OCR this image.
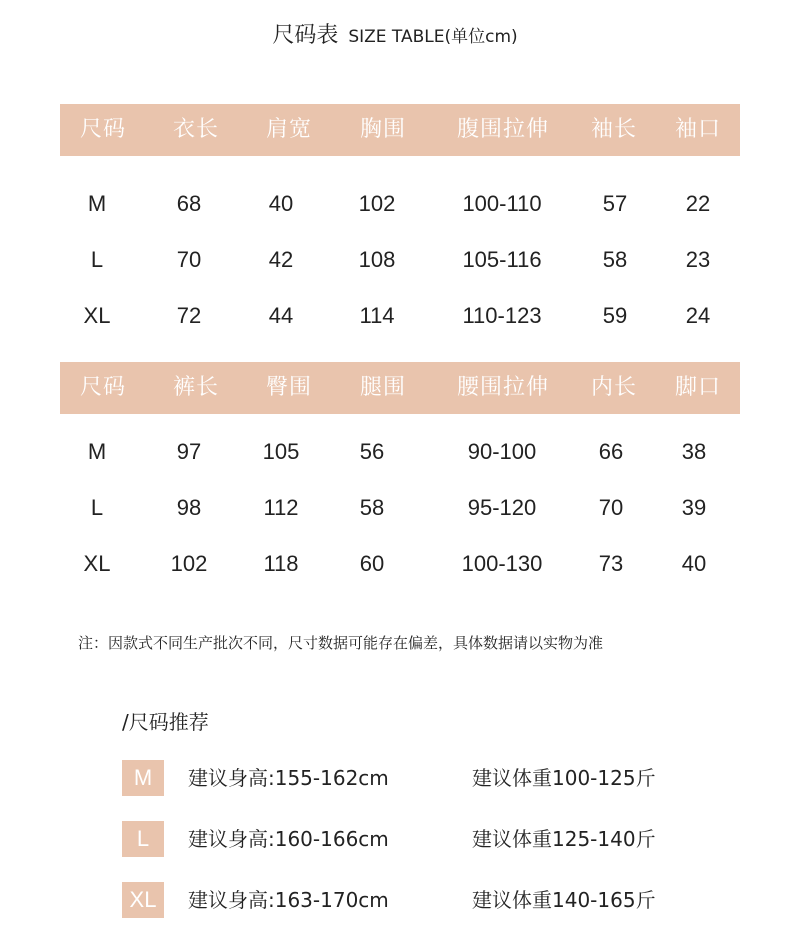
尺码表 SIZE TABLE(单位cm)
尺码 衣长 肩宽 胸围 腹围拉伸 袖长 袖口
M	68	40	102	100-110	57	22
L	70	42	108	105-116	58	23
XL	72	44	114	110-123	59	24
尺码 裤长 臀围 腿围 腰围拉伸 内长 脚口
M	97	105	56	90-100	66	38
L	98	112	58	95-120	70	39
XL	102	118	60	100-130	73	40
注：因款式不同生产批次不同，尺寸数据可能存在偏差，具体数据请以实物为准
/尺码推荐
M	建议身高:155-162cm	建议体重100-125斤
L	建议身高:160-166cm	建议体重125-140斤
XL	建议身高:163-170cm	建议体重140-165斤
